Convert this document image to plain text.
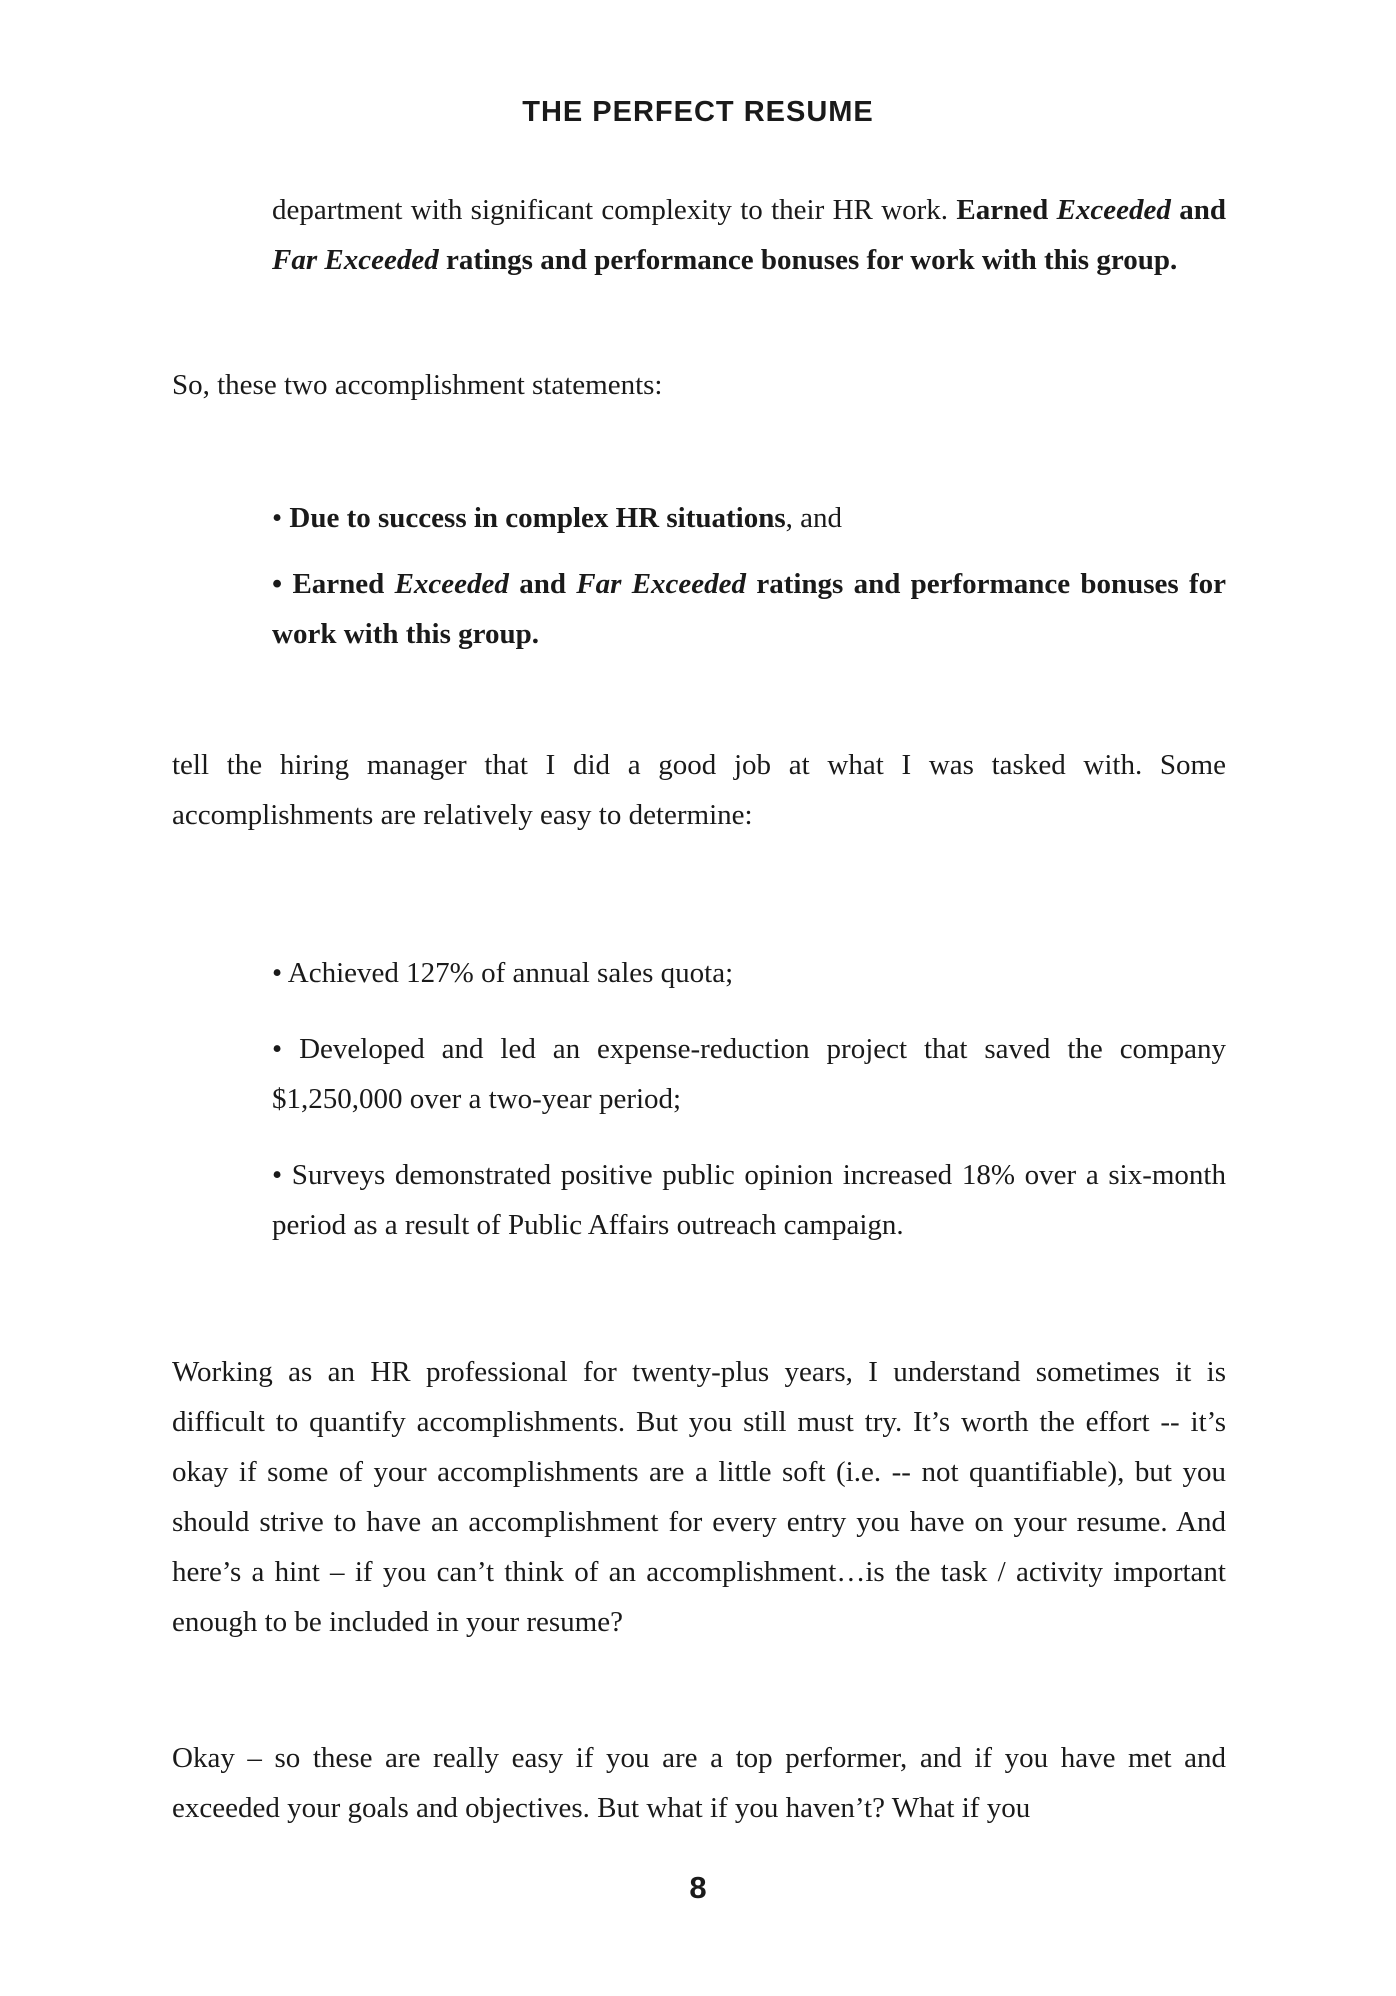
THE PERFECT RESUME

department with significant complexity to their HR work. Earned Exceeded and Far Exceeded ratings and performance bonuses for work with this group.

So, these two accomplishment statements:

• Due to success in complex HR situations, and

• Earned Exceeded and Far Exceeded ratings and performance bonuses for work with this group.

tell the hiring manager that I did a good job at what I was tasked with. Some accomplishments are relatively easy to determine:

• Achieved 127% of annual sales quota;

• Developed and led an expense-reduction project that saved the company $1,250,000 over a two-year period;

• Surveys demonstrated positive public opinion increased 18% over a six-month period as a result of Public Affairs outreach campaign.

Working as an HR professional for twenty-plus years, I understand sometimes it is difficult to quantify accomplishments. But you still must try. It’s worth the effort -- it’s okay if some of your accomplishments are a little soft (i.e. -- not quantifiable), but you should strive to have an accomplishment for every entry you have on your resume. And here’s a hint – if you can’t think of an accomplishment…is the task / activity important enough to be included in your resume?

Okay – so these are really easy if you are a top performer, and if you have met and exceeded your goals and objectives. But what if you haven’t? What if you

8
